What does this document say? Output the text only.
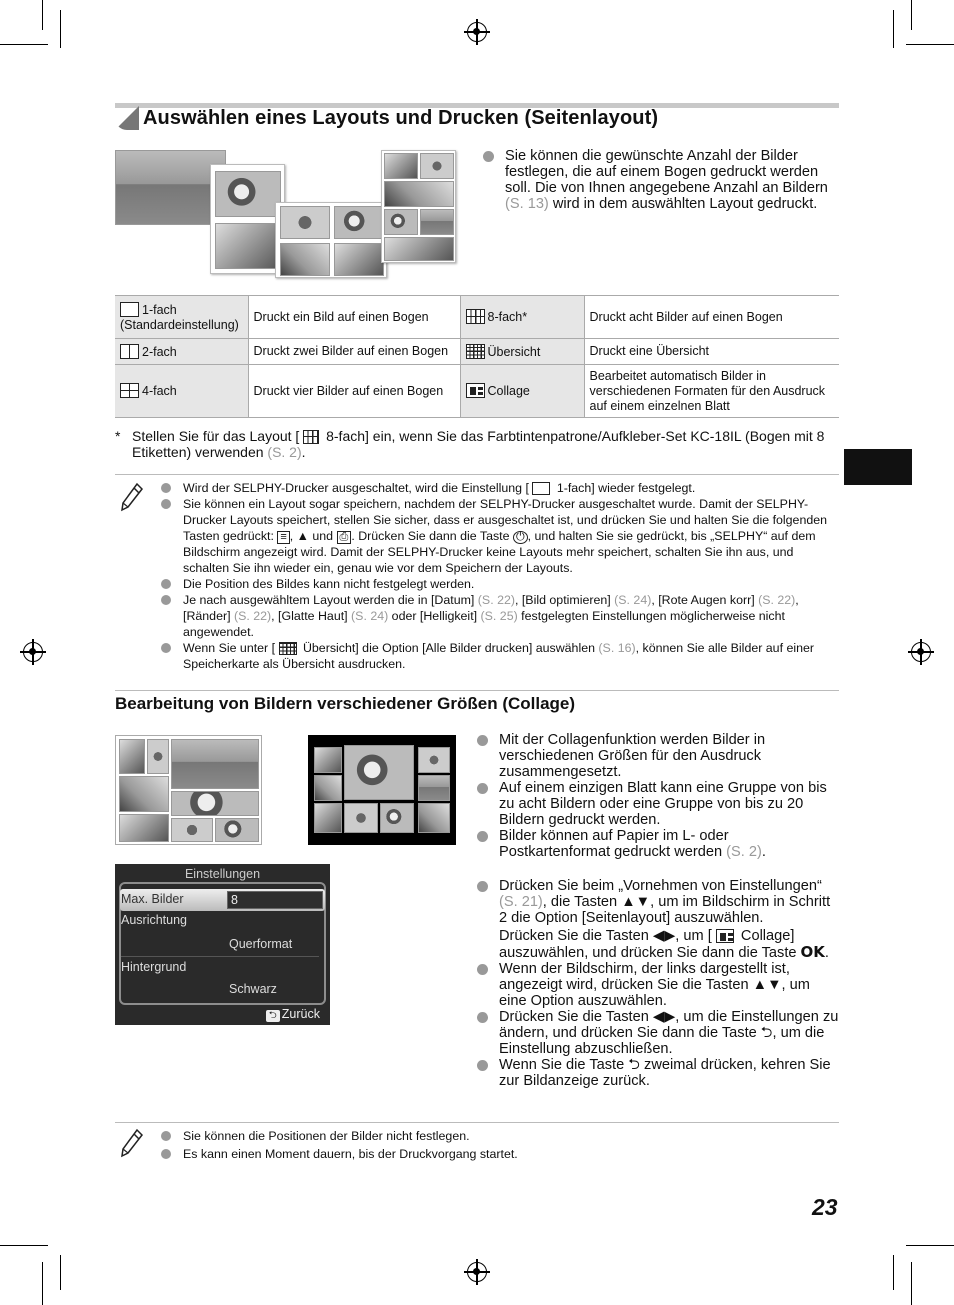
Auswählen eines Layouts und Drucken (Seitenlayout)
Sie können die gewünschte Anzahl der Bilder festlegen, die auf einem Bogen gedruckt werden soll. Die von Ihnen angegebene Anzahl an Bildern (S. 13) wird in dem auswählten Layout gedruckt.
1-fach (Standardeinstellung)	Druckt ein Bild auf einen Bogen	8-fach*	Druckt acht Bilder auf einen Bogen
2-fach	Druckt zwei Bilder auf einen Bogen	Übersicht	Druckt eine Übersicht
4-fach	Druckt vier Bilder auf einen Bogen	Collage	Bearbeitet automatisch Bilder in verschiedenen Formaten für den Ausdruck auf einem einzelnen Blatt
* Stellen Sie für das Layout [  8-fach] ein, wenn Sie das Farbtintenpatrone/Aufkleber-Set KC-18IL (Bogen mit 8 Etiketten) verwenden (S. 2).
Wird der SELPHY-Drucker ausgeschaltet, wird die Einstellung [  1-fach] wieder festgelegt.
Sie können ein Layout sogar speichern, nachdem der SELPHY-Drucker ausgeschaltet wurde. Damit der SELPHY-Drucker Layouts speichert, stellen Sie sicher, dass er ausgeschaltet ist, und drücken Sie und halten Sie die folgenden Tasten gedrückt: ≡ , ▲ und ⎙ . Drücken Sie dann die Taste ⏻ , und halten Sie sie gedrückt, bis „SELPHY“ auf dem Bildschirm angezeigt wird. Damit der SELPHY-Drucker keine Layouts mehr speichert, schalten Sie ihn aus, und schalten Sie ihn wieder ein, genau wie vor dem Speichern der Layouts.
Die Position des Bildes kann nicht festgelegt werden.
Je nach ausgewähltem Layout werden die in [Datum] (S. 22), [Bild optimieren] (S. 24), [Rote Augen korr] (S. 22), [Ränder] (S. 22), [Glatte Haut] (S. 24) oder [Helligkeit] (S. 25) festgelegten Einstellungen möglicherweise nicht angewendet.
Wenn Sie unter [  Übersicht] die Option [Alle Bilder drucken] auswählen (S. 16), können Sie alle Bilder auf einer Speicherkarte als Übersicht ausdrucken.
Bearbeitung von Bildern verschiedener Größen (Collage)
Einstellungen
Max. Bilder	8
Ausrichtung
Querformat
Hintergrund
Schwarz
⮌ Zurück
Mit der Collagenfunktion werden Bilder in verschiedenen Größen für den Ausdruck zusammengesetzt.
Auf einem einzigen Blatt kann eine Gruppe von bis zu acht Bildern oder eine Gruppe von bis zu 20 Bildern gedruckt werden.
Bilder können auf Papier im L- oder Postkartenformat gedruckt werden (S. 2).
Drücken Sie beim „Vornehmen von Einstellungen“ (S. 21), die Tasten ▲▼, um im Bildschirm in Schritt 2 die Option [Seitenlayout] auszuwählen.
Drücken Sie die Tasten ◀▶, um [  Collage] auszuwählen, und drücken Sie dann die Taste OK.
Wenn der Bildschirm, der links dargestellt ist, angezeigt wird, drücken Sie die Tasten ▲▼, um eine Option auszuwählen.
Drücken Sie die Tasten ◀▶, um die Einstellungen zu ändern, und drücken Sie dann die Taste ⮌, um die Einstellung abzuschließen.
Wenn Sie die Taste ⮌ zweimal drücken, kehren Sie zur Bildanzeige zurück.
Sie können die Positionen der Bilder nicht festlegen.
Es kann einen Moment dauern, bis der Druckvorgang startet.
23
